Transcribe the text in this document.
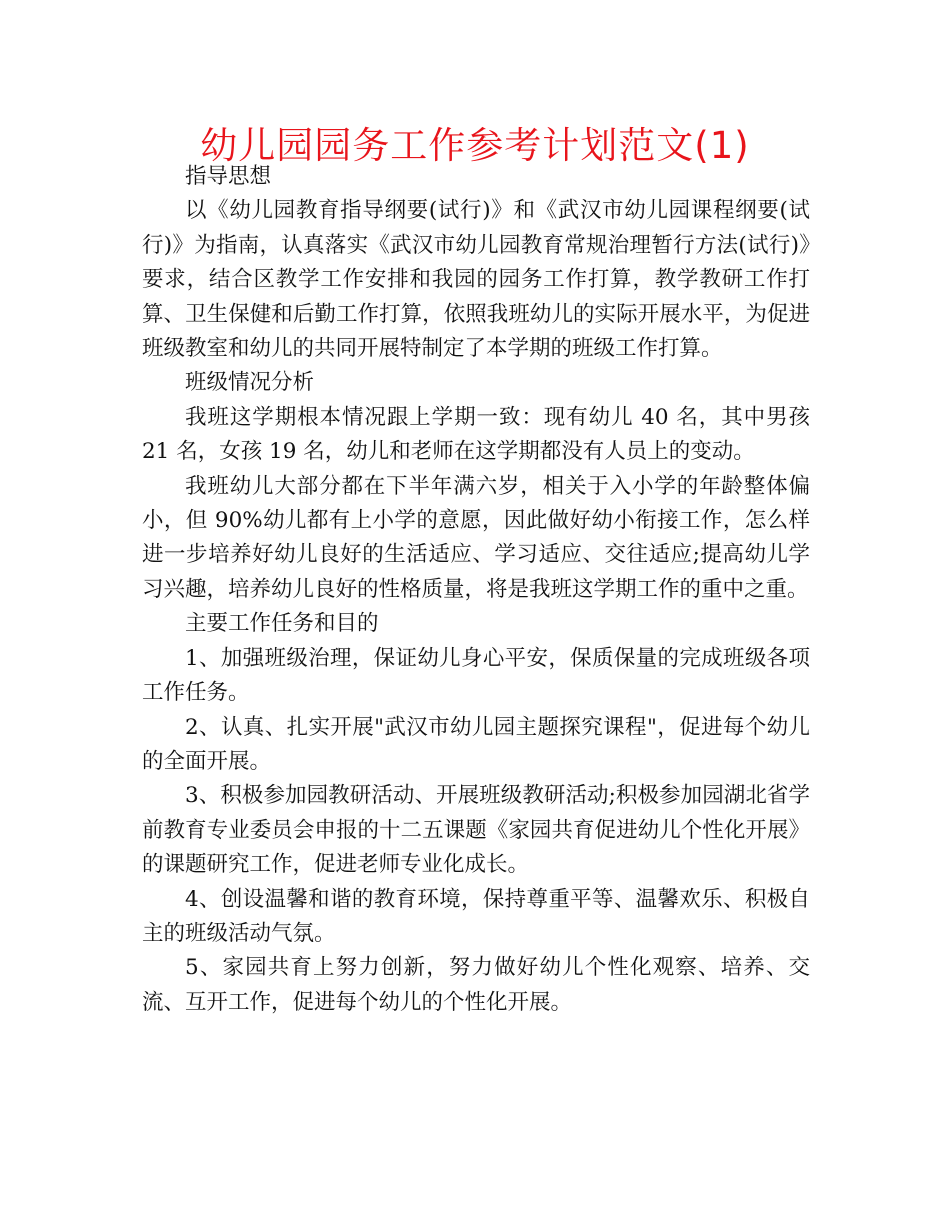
幼儿园园务工作参考计划范文(1)

指导思想

以《幼儿园教育指导纲要(试行)》和《武汉市幼儿园课程纲要(试行)》为指南，认真落实《武汉市幼儿园教育常规治理暂行方法(试行)》要求，结合区教学工作安排和我园的园务工作打算，教学教研工作打算、卫生保健和后勤工作打算，依照我班幼儿的实际开展水平，为促进班级教室和幼儿的共同开展特制定了本学期的班级工作打算。

班级情况分析

我班这学期根本情况跟上学期一致：现有幼儿 40 名，其中男孩 21 名，女孩 19 名，幼儿和老师在这学期都没有人员上的变动。

我班幼儿大部分都在下半年满六岁，相关于入小学的年龄整体偏小，但 90%幼儿都有上小学的意愿，因此做好幼小衔接工作，怎么样进一步培养好幼儿良好的生活适应、学习适应、交往适应;提高幼儿学习兴趣，培养幼儿良好的性格质量，将是我班这学期工作的重中之重。

主要工作任务和目的

1、加强班级治理，保证幼儿身心平安，保质保量的完成班级各项工作任务。

2、认真、扎实开展"武汉市幼儿园主题探究课程"，促进每个幼儿的全面开展。

3、积极参加园教研活动、开展班级教研活动;积极参加园湖北省学前教育专业委员会申报的十二五课题《家园共育促进幼儿个性化开展》的课题研究工作，促进老师专业化成长。

4、创设温馨和谐的教育环境，保持尊重平等、温馨欢乐、积极自主的班级活动气氛。

5、家园共育上努力创新，努力做好幼儿个性化观察、培养、交流、互开工作，促进每个幼儿的个性化开展。
